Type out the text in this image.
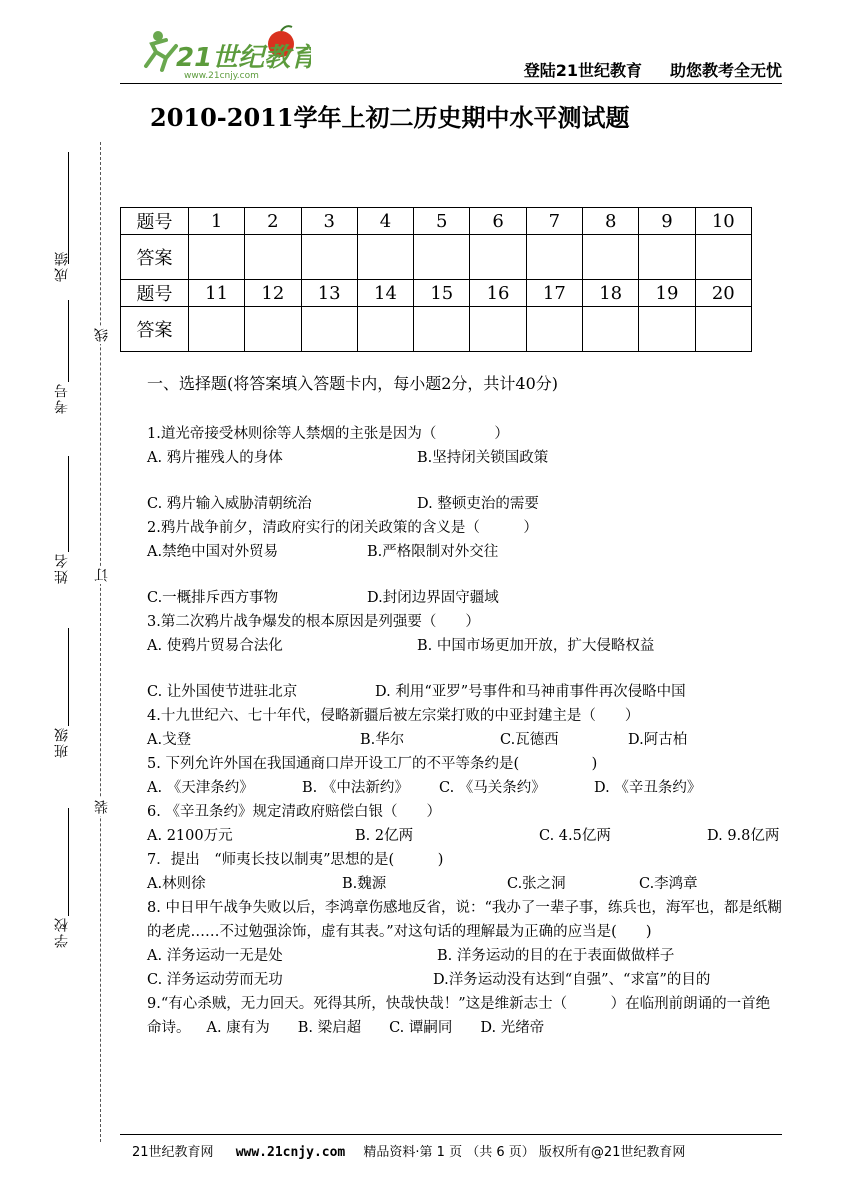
21世纪教育
www.21cnjy.com	登陆21世纪教育 助您教考全无忧
2010-2011学年上初二历史期中水平测试题
成绩
考号
姓名
班级
学校
线
订
装
题号	1	2	3	4	5	6	7	8	9	10
答案										
题号	11	12	13	14	15	16	17	18	19	20
答案										
一、选择题(将答案填入答题卡内，每小题2分，共计40分)

1.道光帝接受林则徐等人禁烟的主张是因为（　　　　）

A. 鸦片摧残人的身体	B.坚持闭关锁国政策
C. 鸦片输入威胁清朝统治	D. 整顿吏治的需要

2.鸦片战争前夕，清政府实行的闭关政策的含义是（　　　）

A.禁绝中国对外贸易	B.严格限制对外交往
C.一概排斥西方事物	D.封闭边界固守疆域

3.第二次鸦片战争爆发的根本原因是列强要（　　）

A. 使鸦片贸易合法化	B. 中国市场更加开放，扩大侵略权益
C. 让外国使节进驻北京	D. 利用“亚罗”号事件和马神甫事件再次侵略中国

4.十九世纪六、七十年代，侵略新疆后被左宗棠打败的中亚封建主是（　　）

A.戈登	B.华尔	C.瓦德西	D.阿古柏

5. 下列允许外国在我国通商口岸开设工厂的不平等条约是(　　　　　)

A. 《天津条约》	B. 《中法新约》	C. 《马关条约》	D. 《辛丑条约》

6. 《辛丑条约》规定清政府赔偿白银（　　）

A. 2100万元	B. 2亿两	C. 4.5亿两	D. 9.8亿两

7．提出　“师夷长技以制夷”思想的是(　　　)

A.林则徐	B.魏源	C.张之洞	C.李鸿章

8. 中日甲午战争失败以后，李鸿章伤感地反省，说：“我办了一辈子事，练兵也，海军也，都是纸糊的老虎……不过勉强涂饰，虚有其表。”对这句话的理解最为正确的应当是(　　)

A. 洋务运动一无是处	B. 洋务运动的目的在于表面做做样子
C. 洋务运动劳而无功	D.洋务运动没有达到“自强”、“求富”的目的

9.“有心杀贼，无力回天。死得其所，快哉快哉！”这是维新志士（　　　）在临刑前朗诵的一首绝命诗。 A. 康有为 B. 梁启超 C. 谭嗣同 D. 光绪帝

21世纪教育网 www.21cnjy.com 精品资料·第 1 页 （共 6 页） 版权所有@21世纪教育网
